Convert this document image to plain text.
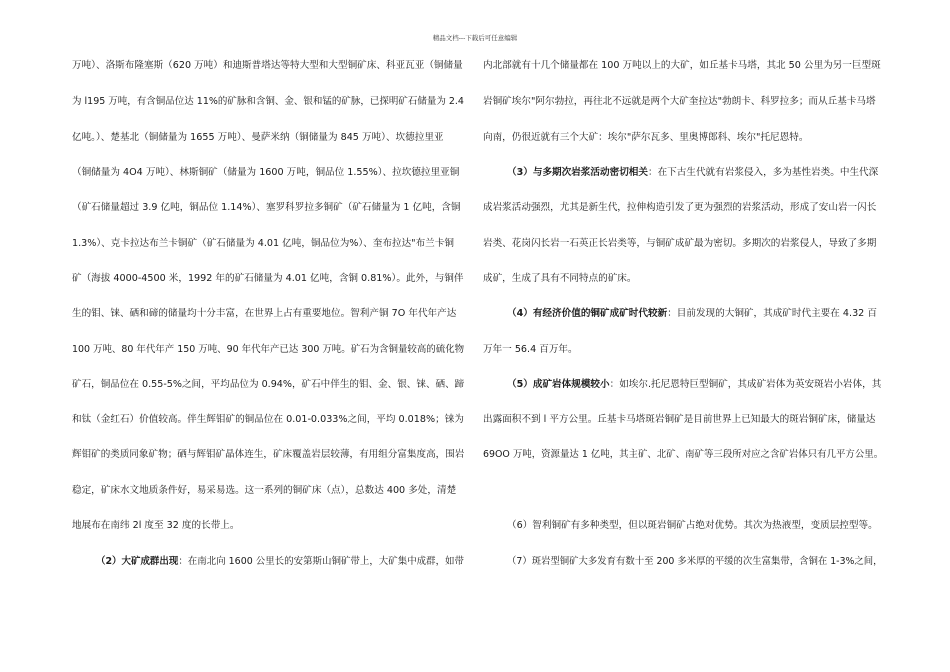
精品文档---下载后可任意编辑
万吨）、洛斯布隆塞斯（620 万吨）和迪斯普塔达等特大型和大型铜矿床、科亚瓦亚（铜储量
为 l195 万吨，有含铜品位达 11%的矿脉和含铜、金、银和锰的矿脉，已探明矿石储量为 2.4
亿吨。）、楚基北（铜储量为 1655 万吨）、曼萨米纳（铜储量为 845 万吨）、坎德拉里亚
（铜储量为 4O4 万吨）、林斯铜矿（储量为 1600 万吨，铜品位 1.55%）、拉坎德拉里亚铜
（矿石储量超过 3.9 亿吨，铜品位 1.14%）、塞罗科罗拉多铜矿（矿石储量为 1 亿吨，含铜
1.3%）、克卡拉达布兰卡铜矿（矿石储量为 4.01 亿吨，铜品位为%）、奎布拉达"布兰卡铜
矿（海拔 4000-4500 米，1992 年的矿石储量为 4.01 亿吨，含铜 0.81%）。此外，与铜伴
生的钼、铼、硒和碲的储量均十分丰富，在世界上占有重要地位。智利产铜 7O 年代年产达
100 万吨、80 年代年产 150 万吨、90 年代年产已达 300 万吨。矿石为含铜量较高的硫化物
矿石，铜品位在 0.55-5%之间，平均品位为 0.94%，矿石中伴生的钼、金、银、铼、硒、蹄
和钛（金红石）价值较高。伴生辉钼矿的铜品位在 0.01-0.033%之间，平均 0.018%；铼为
辉钼矿的类质同象矿物；硒与辉钼矿晶体连生，矿床覆盖岩层较薄，有用组分富集度高，围岩
稳定，矿床水文地质条件好，易采易选。这一系列的铜矿床（点），总数达 400 多处，清楚
地展布在南纬 2l 度至 32 度的长带上。
（2）大矿成群出现：在南北向 1600 公里长的安第斯山铜矿带上，大矿集中成群，如带
内北部就有十几个储量都在 100 万吨以上的大矿，如丘基卡马塔，其北 50 公里为另一巨型斑
岩铜矿埃尔"阿尔勃拉，再往北不远就是两个大矿奎拉达"勃朗卡、科罗拉多；而从丘基卡马塔
向南，仍很近就有三个大矿：埃尔"萨尔瓦多、里奥博郎科、埃尔"托尼恩特。
（3）与多期次岩浆活动密切相关：在下古生代就有岩浆侵入，多为基性岩类。中生代深
成岩浆活动强烈，尤其是新生代，拉伸构造引发了更为强烈的岩浆活动，形成了安山岩一闪长
岩类、花岗闪长岩一石英正长岩类等，与铜矿成矿最为密切。多期次的岩浆侵人，导致了多期
成矿，生成了具有不同特点的矿床。
（4）有经济价值的铜矿成矿时代较新：目前发现的大铜矿，其成矿时代主要在 4.32 百
万年一 56.4 百万年。
（5）成矿岩体规模较小：如埃尔.托尼恩特巨型铜矿，其成矿岩体为英安斑岩小岩体，其
出露面积不到 l 平方公里。丘基卡马塔斑岩铜矿是目前世界上已知最大的斑岩铜矿床，储量达
69OO 万吨，资源量达 1 亿吨，其主矿、北矿、南矿等三段所对应之含矿岩体只有几平方公里。
（6）智利铜矿有多种类型，但以斑岩铜矿占绝对优势。其次为热液型，变质层控型等。
（7）斑岩型铜矿大多发育有数十至 200 多米厚的平缓的次生富集带，含铜在 1-3%之间，
